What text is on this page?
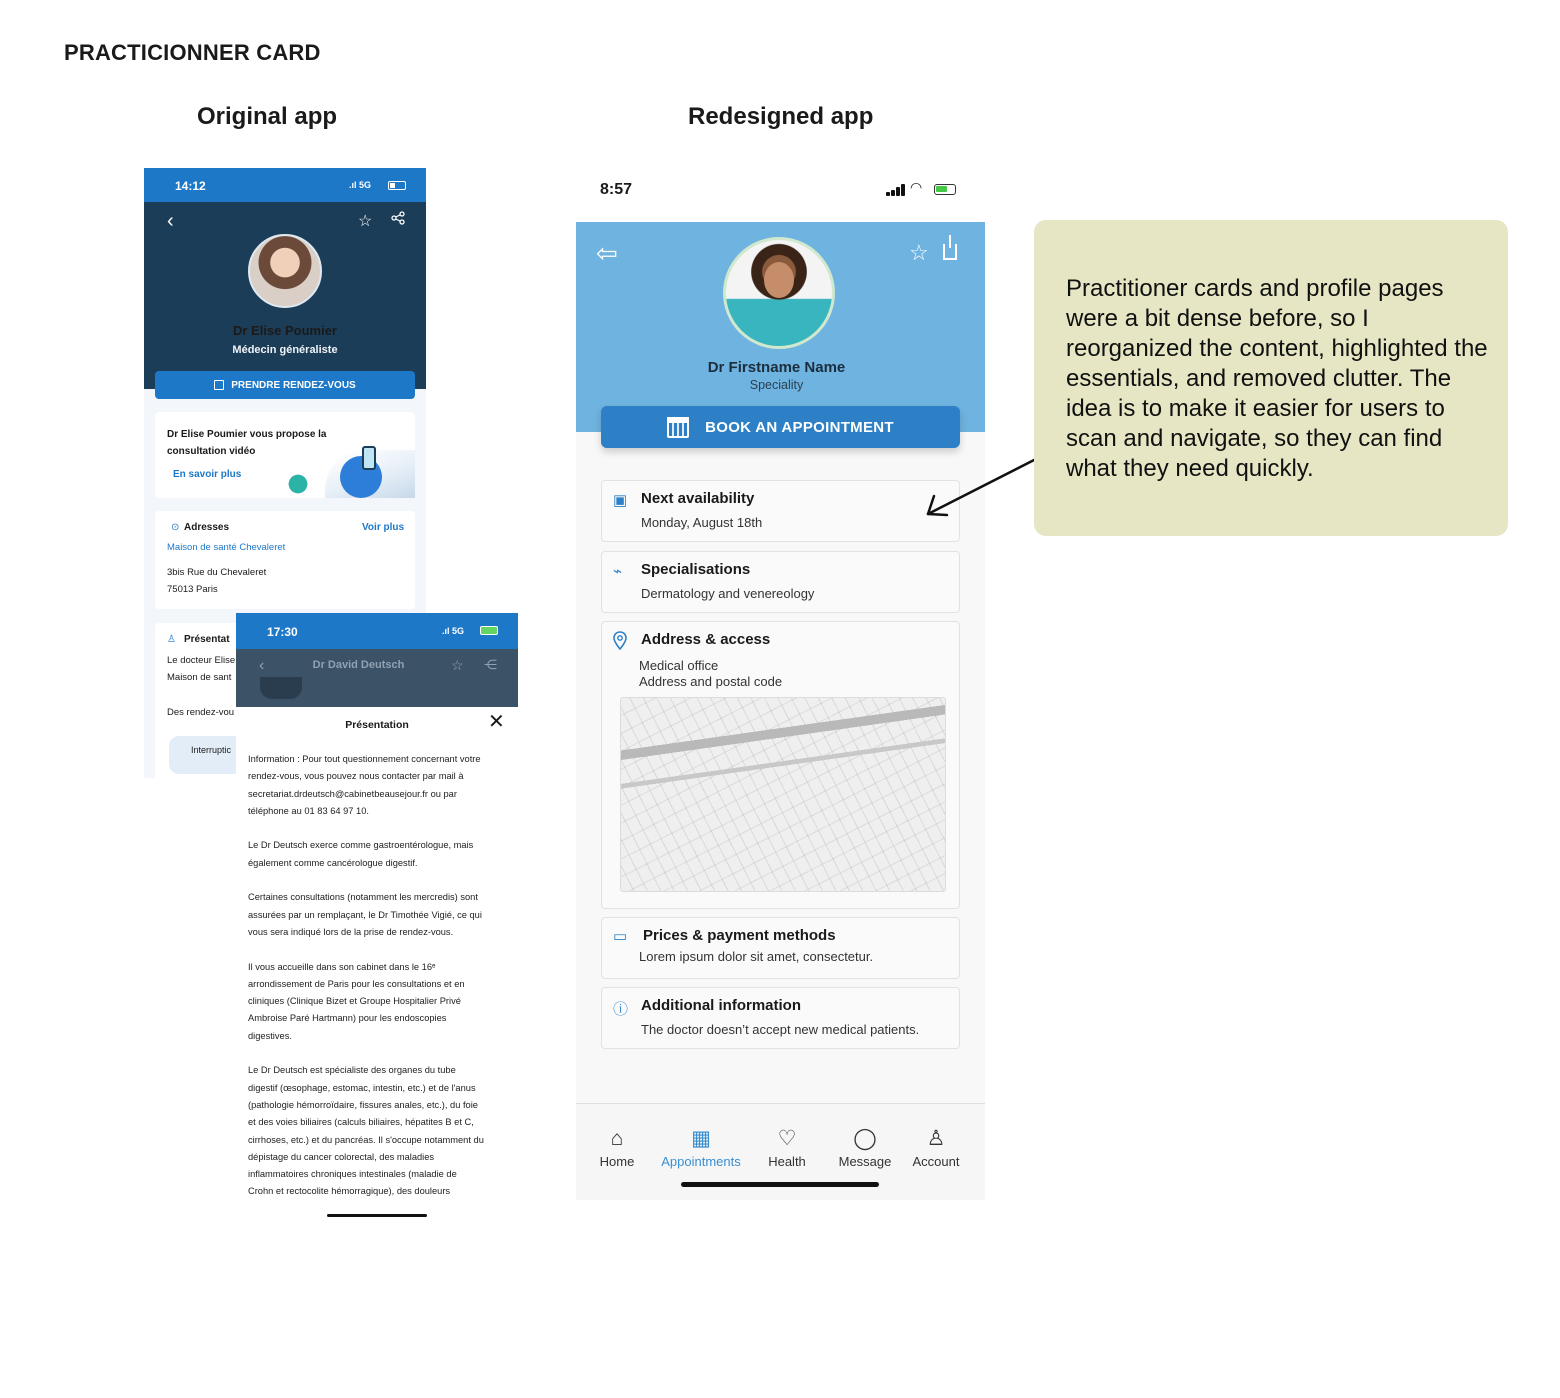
PRACTICIONNER CARD
Original app	Redesigned app
14:12	.ıl 5G
‹	☆
Dr Elise Poumier
Médecin généraliste
PRENDRE RENDEZ-VOUS
Dr Elise Poumier vous propose la consultation vidéo
En savoir plus
⊙ Adresses	Voir plus
Maison de santé Chevaleret
3bis Rue du Chevaleret
75013 Paris
♙ Présentat
Le docteur Elise
Maison de sant
Des rendez-vou
Interruptic
17:30	.ıl 5G
‹	Dr David Deutsch	☆ ⋲
Présentation	✕
Information : Pour tout questionnement concernant votre
rendez-vous, vous pouvez nous contacter par mail à
secretariat.drdeutsch@cabinetbeausejour.fr ou par
téléphone au 01 83 64 97 10.

Le Dr Deutsch exerce comme gastroentérologue, mais
également comme cancérologue digestif.

Certaines consultations (notamment les mercredis) sont
assurées par un remplaçant, le Dr Timothée Vigié, ce qui
vous sera indiqué lors de la prise de rendez-vous.

Il vous accueille dans son cabinet dans le 16ᵉ
arrondissement de Paris pour les consultations et en
cliniques (Clinique Bizet et Groupe Hospitalier Privé
Ambroise Paré Hartmann) pour les endoscopies
digestives.

Le Dr Deutsch est spécialiste des organes du tube
digestif (œsophage, estomac, intestin, etc.) et de l'anus
(pathologie hémorroïdaire, fissures anales, etc.), du foie
et des voies biliaires (calculs biliaires, hépatites B et C,
cirrhoses, etc.) et du pancréas. Il s'occupe notamment du
dépistage du cancer colorectal, des maladies
inflammatoires chroniques intestinales (maladie de
Crohn et rectocolite hémorragique), des douleurs
8:57	◠
⇦	☆
Dr Firstname Name
Speciality
BOOK AN APPOINTMENT
▣ Next availability
Monday, August 18th
⌁ Specialisations
Dermatology and venereology
Address & access
Medical office
Address and postal code
▭ Prices & payment methods
Lorem ipsum dolor sit amet, consectetur.
ⓘ Additional information
The doctor doesn’t accept new medical patients.
⌂
Home
▦
Appointments
♡
Health
◯
Message
♙
Account
Practitioner cards and profile pages were a bit dense before, so I reorganized the content, highlighted the essentials, and removed clutter. The idea is to make it easier for users to scan and navigate, so they can find what they need quickly.
